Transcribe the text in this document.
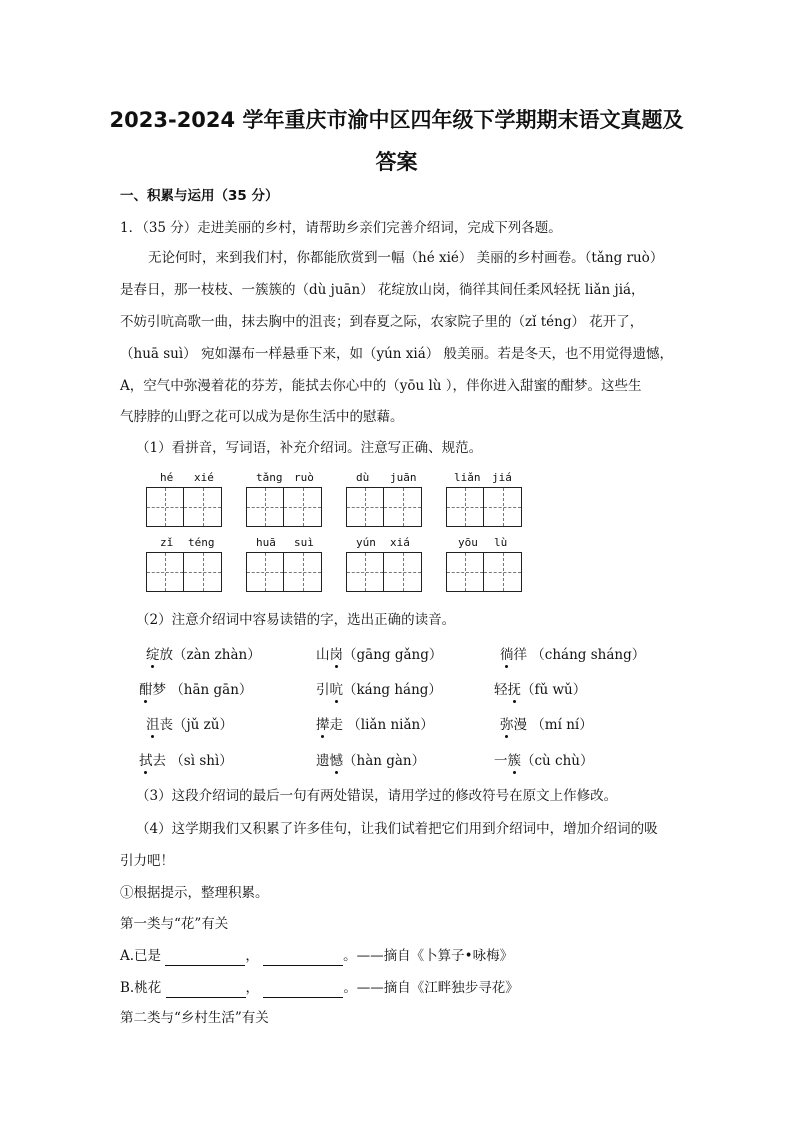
2023-2024 学年重庆市渝中区四年级下学期期末语文真题及
答案
一、积累与运用（35 分）
1．（35 分）走进美丽的乡村，请帮助乡亲们完善介绍词，完成下列各题。
无论何时，来到我们村，你都能欣赏到一幅（hé xié） 美丽的乡村画卷。（tǎng ruò）
是春日，那一枝枝、一簇簇的（dù juān） 花绽放山岗，徜徉其间任柔风轻抚 liǎn jiá，
不妨引吭高歌一曲，抹去胸中的沮丧；到春夏之际，农家院子里的（zǐ téng） 花开了，
（huā suì） 宛如瀑布一样悬垂下来，如（yún xiá） 般美丽。若是冬天，也不用觉得遗憾，
A，空气中弥漫着花的芬芳，能拭去你心中的（yōu lù ），伴你进入甜蜜的酣梦。这些生
气脖脖的山野之花可以成为是你生活中的慰藉。
（1）看拼音，写词语，补充介绍词。注意写正确、规范。
hé xié	tǎng ruò	dù juān	liǎn jiá
zǐ téng	huā suì	yún xiá	yōu lù
（2）注意介绍词中容易读错的字，选出正确的读音。
绽放（zàn zhàn）	山岗（gāng gǎng）	徜徉 （cháng sháng）
酣梦 （hān gān）	引吭（káng háng）	轻抚（fǔ wǔ）
沮丧（jǔ zǔ）	撵走 （liǎn niǎn）	弥漫 （mí ní）
拭去 （sì shì）	遗憾（hàn gàn）	一簇（cù chù）
（3）这段介绍词的最后一句有两处错误，请用学过的修改符号在原文上作修改。
（4）这学期我们又积累了许多佳句，让我们试着把它们用到介绍词中，增加介绍词的吸
引力吧！
①根据提示，整理积累。
第一类与“花”有关
A.已是	，	。——摘自《卜算子•咏梅》
B.桃花	，	。——摘自《江畔独步寻花》
第二类与“乡村生活”有关
